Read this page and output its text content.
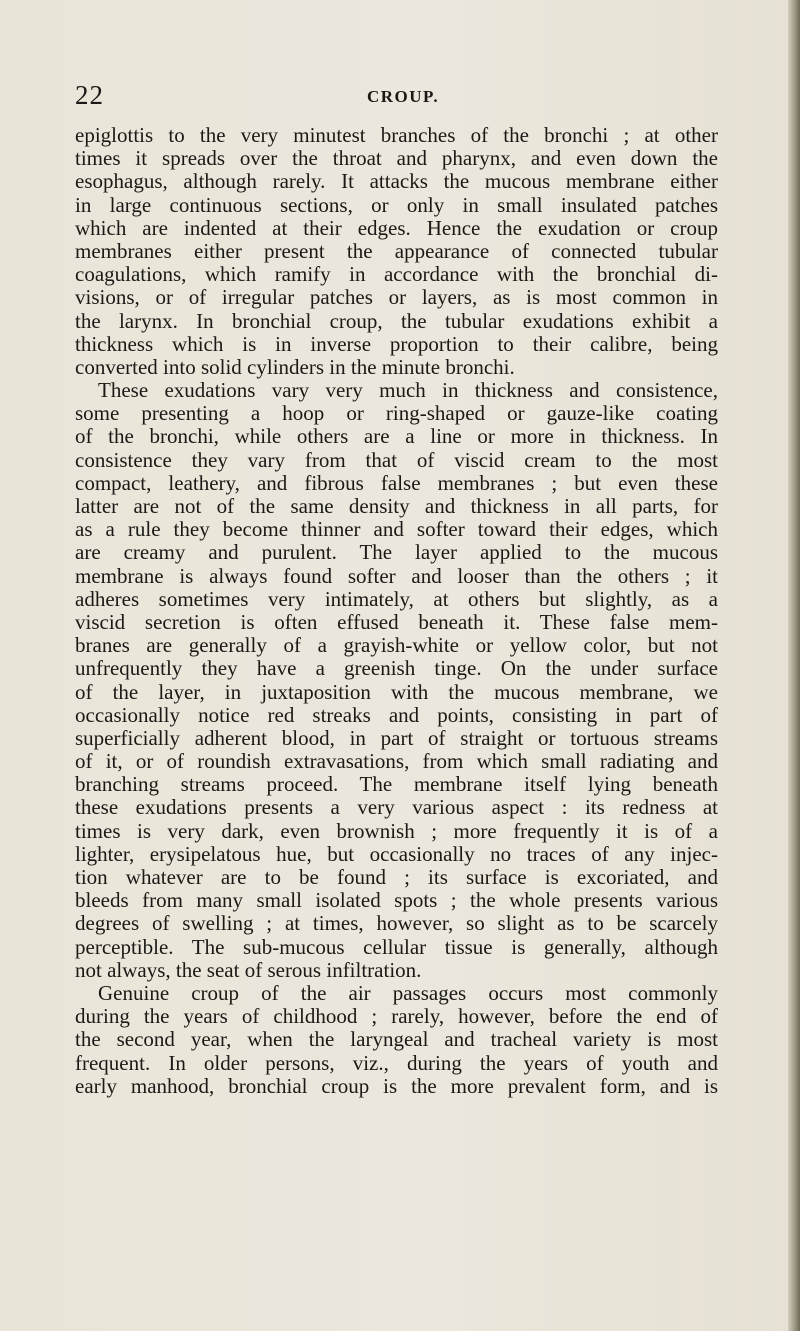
22	CROUP.
epiglottis to the very minutest branches of the bronchi ; at other
times it spreads over the throat and pharynx, and even down the
esophagus, although rarely. It attacks the mucous membrane either
in large continuous sections, or only in small insulated patches
which are indented at their edges. Hence the exudation or croup
membranes either present the appearance of connected tubular
coagulations, which ramify in accordance with the bronchial di-
visions, or of irregular patches or layers, as is most common in
the larynx. In bronchial croup, the tubular exudations exhibit a
thickness which is in inverse proportion to their calibre, being
converted into solid cylinders in the minute bronchi.
These exudations vary very much in thickness and consistence,
some presenting a hoop or ring-shaped or gauze-like coating
of the bronchi, while others are a line or more in thickness. In
consistence they vary from that of viscid cream to the most
compact, leathery, and fibrous false membranes ; but even these
latter are not of the same density and thickness in all parts, for
as a rule they become thinner and softer toward their edges, which
are creamy and purulent. The layer applied to the mucous
membrane is always found softer and looser than the others ; it
adheres sometimes very intimately, at others but slightly, as a
viscid secretion is often effused beneath it. These false mem-
branes are generally of a grayish-white or yellow color, but not
unfrequently they have a greenish tinge. On the under surface
of the layer, in juxtaposition with the mucous membrane, we
occasionally notice red streaks and points, consisting in part of
superficially adherent blood, in part of straight or tortuous streams
of it, or of roundish extravasations, from which small radiating and
branching streams proceed. The membrane itself lying beneath
these exudations presents a very various aspect : its redness at
times is very dark, even brownish ; more frequently it is of a
lighter, erysipelatous hue, but occasionally no traces of any injec-
tion whatever are to be found ; its surface is excoriated, and
bleeds from many small isolated spots ; the whole presents various
degrees of swelling ; at times, however, so slight as to be scarcely
perceptible. The sub-mucous cellular tissue is generally, although
not always, the seat of serous infiltration.
Genuine croup of the air passages occurs most commonly
during the years of childhood ; rarely, however, before the end of
the second year, when the laryngeal and tracheal variety is most
frequent. In older persons, viz., during the years of youth and
early manhood, bronchial croup is the more prevalent form, and is
